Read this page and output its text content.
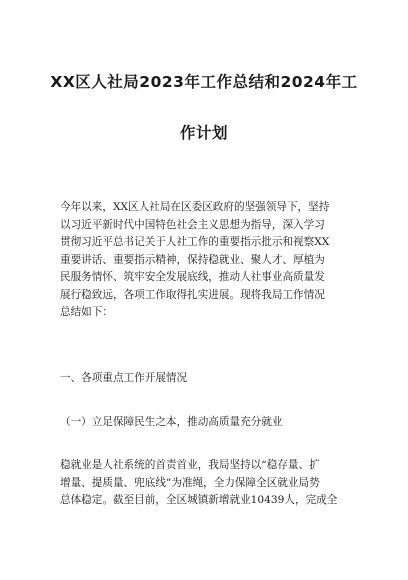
XX区人社局2023年工作总结和2024年工
作计划
今年以来，XX区人社局在区委区政府的坚强领导下，坚持
以习近平新时代中国特色社会主义思想为指导，深入学习
贯彻习近平总书记关于人社工作的重要指示批示和视察XX
重要讲话、重要指示精神，保持稳就业、聚人才、厚植为
民服务情怀、筑牢安全发展底线，推动人社事业高质量发
展行稳致远，各项工作取得扎实进展。现将我局工作情况
总结如下：
一、各项重点工作开展情况
（一）立足保障民生之本，推动高质量充分就业
稳就业是人社系统的首责首业，我局坚持以“稳存量、扩
增量、提质量、兜底线”为准绳，全力保障全区就业局势
总体稳定。截至目前，全区城镇新增就业10439人，完成全
